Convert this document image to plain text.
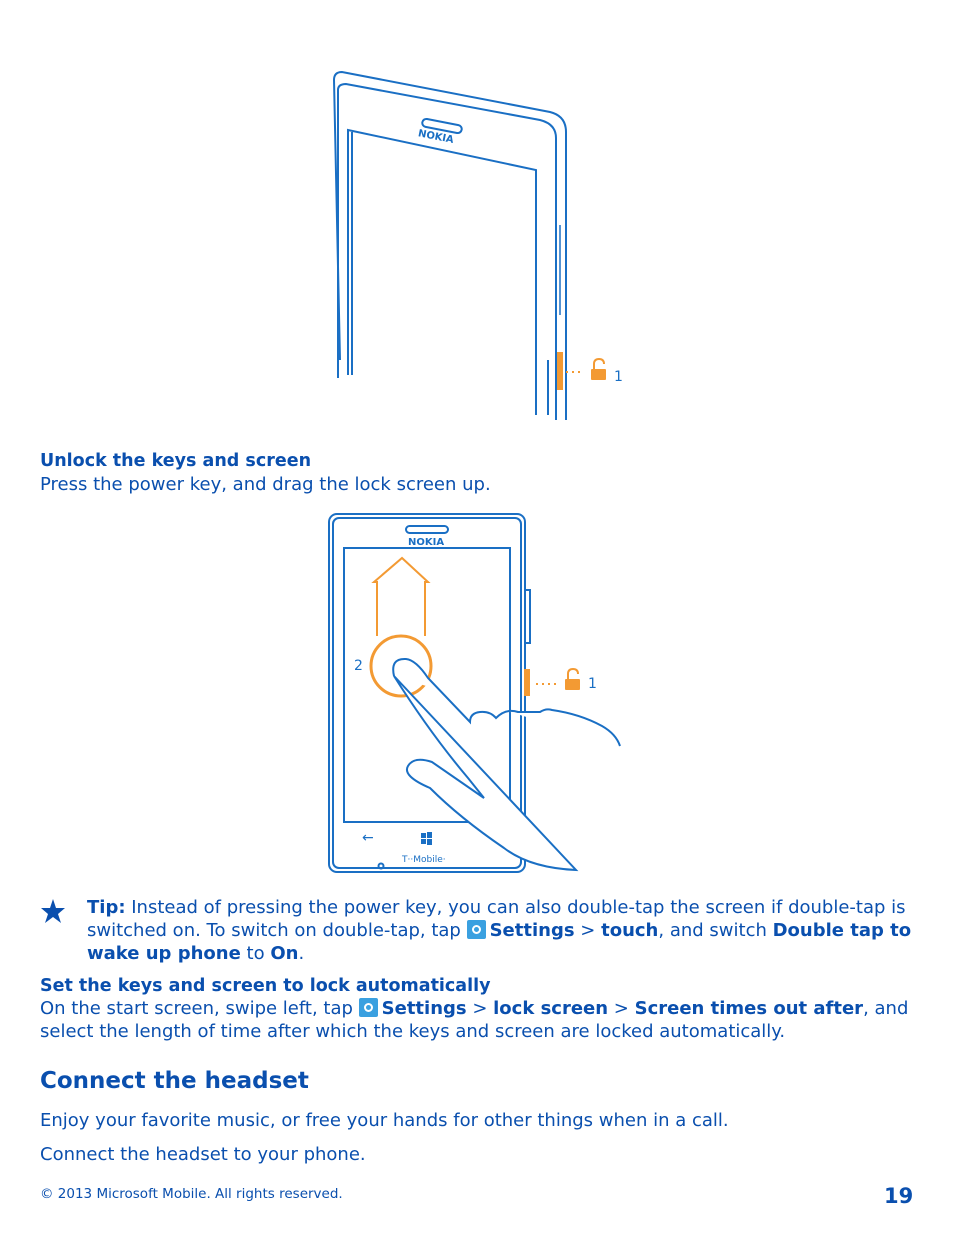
NOKIA
1
Unlock the keys and screen
Press the power key, and drag the lock screen up.
NOKIA
←
T··Mobile·
2
1
Tip: Instead of pressing the power key, you can also double-tap the screen if double-tap is switched on. To switch on double-tap, tap Settings > touch, and switch Double tap to wake up phone to On.
Set the keys and screen to lock automatically
On the start screen, swipe left, tap Settings > lock screen > Screen times out after, and select the length of time after which the keys and screen are locked automatically.
Connect the headset
Enjoy your favorite music, or free your hands for other things when in a call.
Connect the headset to your phone.
© 2013 Microsoft Mobile. All rights reserved.	19
